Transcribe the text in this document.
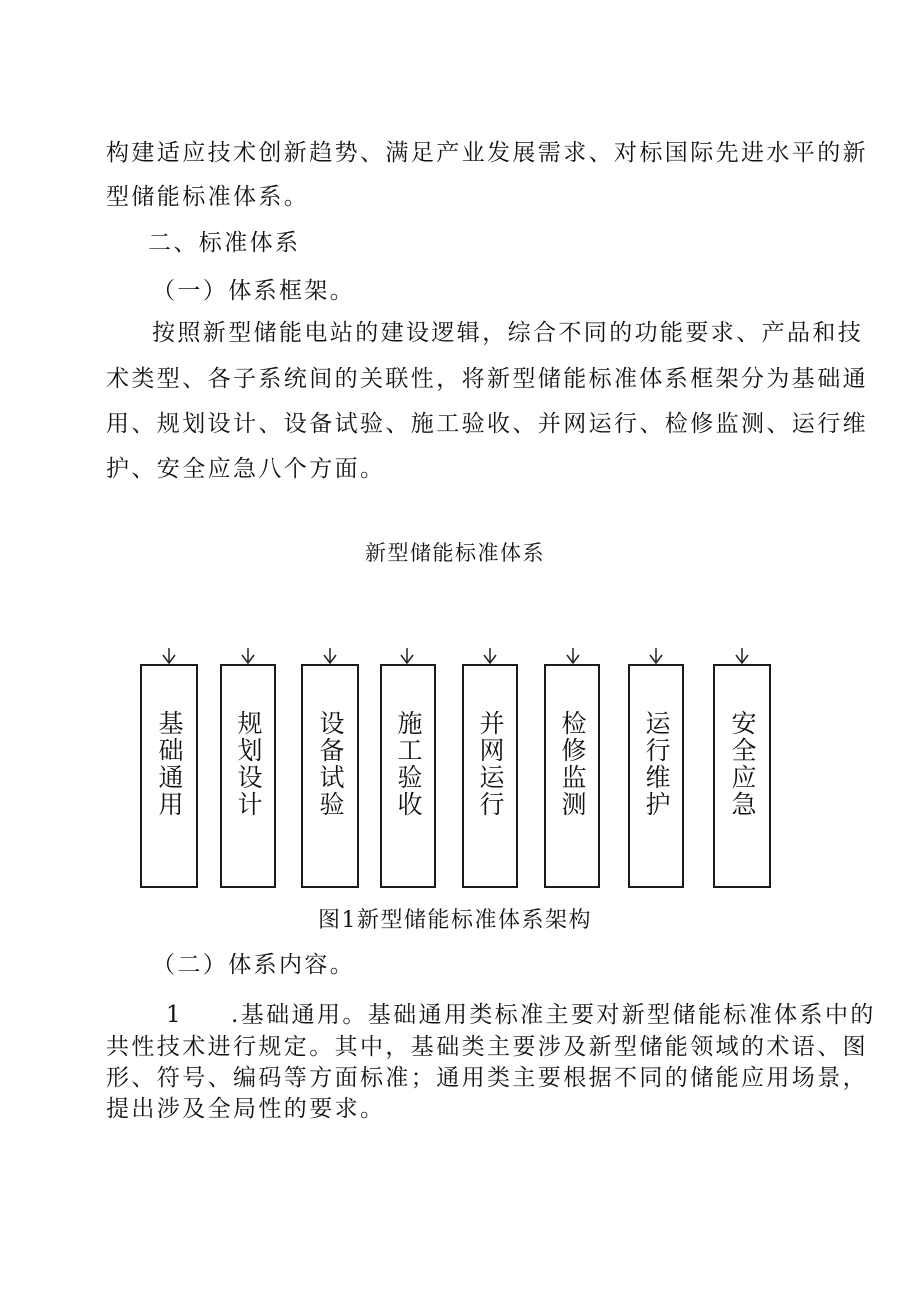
构建适应技术创新趋势、满足产业发展需求、对标国际先进水平的新
型储能标准体系。
二、标准体系
（一）体系框架。
按照新型储能电站的建设逻辑，综合不同的功能要求、产品和技
术类型、各子系统间的关联性，将新型储能标准体系框架分为基础通
用、规划设计、设备试验、施工验收、并网运行、检修监测、运行维
护、安全应急八个方面。
新型储能标准体系
基础通用 规划设计 设备试验 施工验收 并网运行 检修监测 运行维护 安全应急
图1新型储能标准体系架构
（二）体系内容。
1 .基础通用。基础通用类标准主要对新型储能标准体系中的
共性技术进行规定。其中，基础类主要涉及新型储能领域的术语、图
形、符号、编码等方面标准；通用类主要根据不同的储能应用场景，
提出涉及全局性的要求。
